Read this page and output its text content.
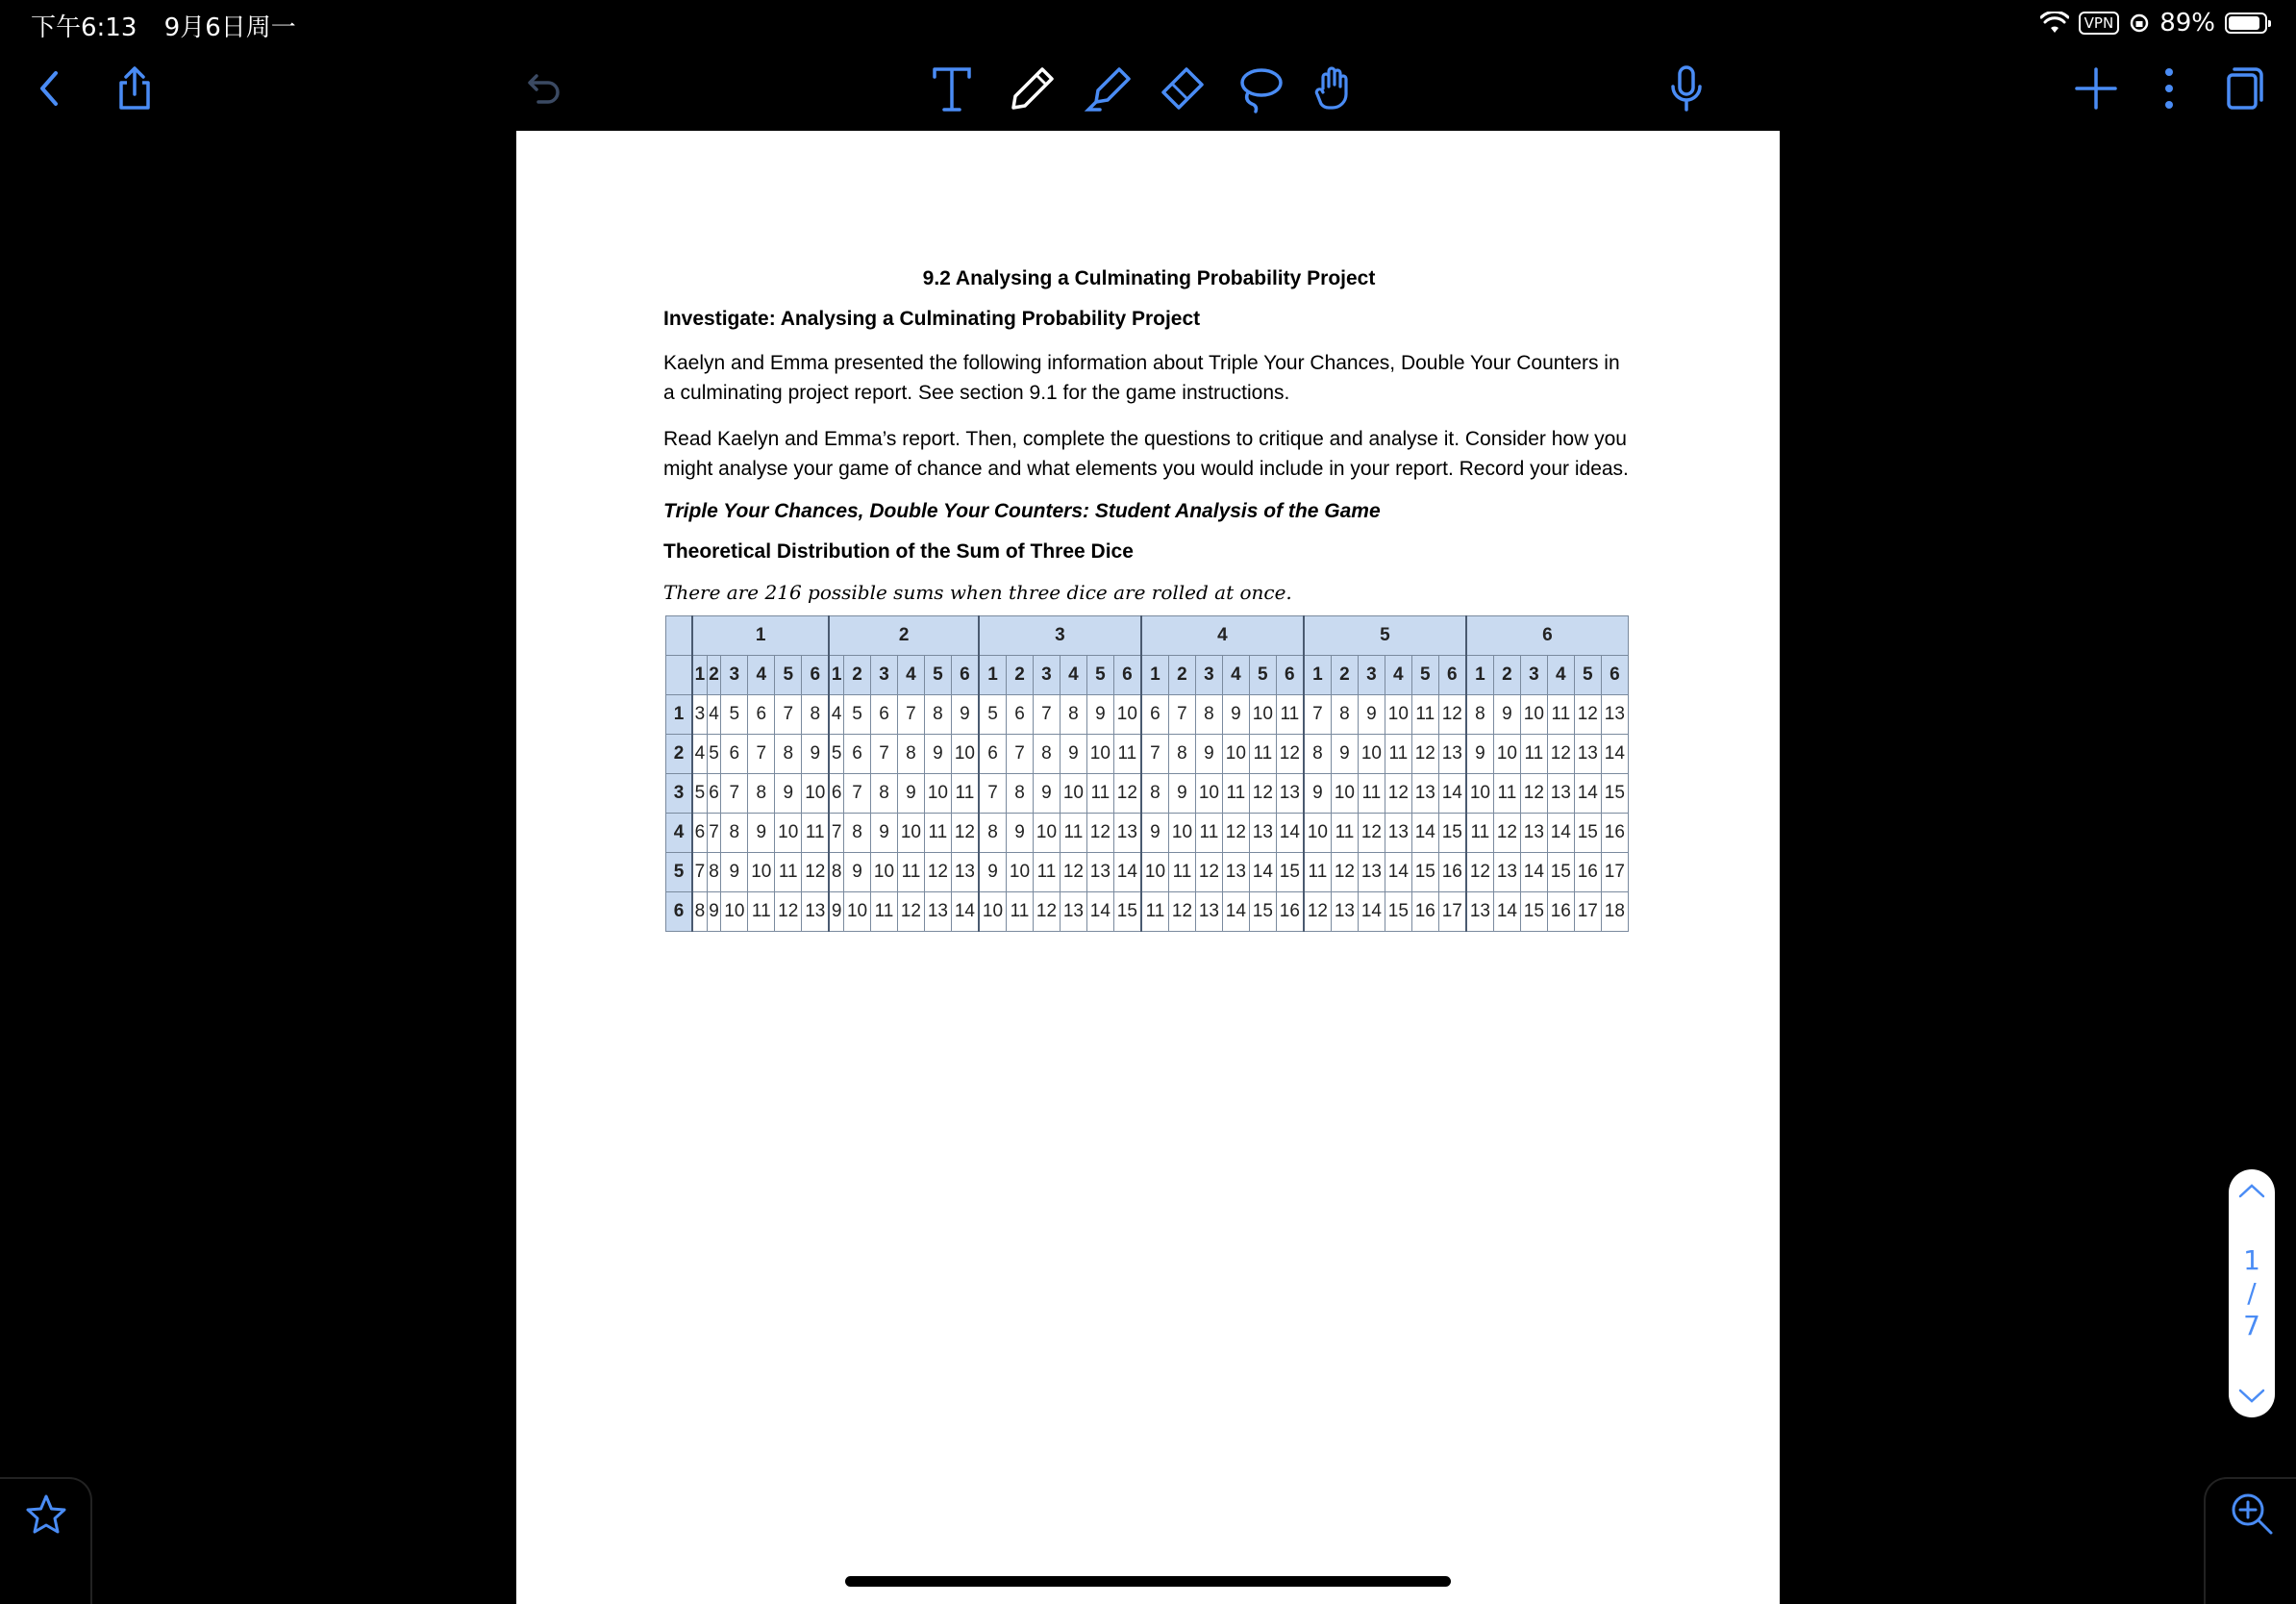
下午6:13 9月6日周一	VPN 89%

9.2 Analysing a Culminating Probability Project

Investigate: Analysing a Culminating Probability Project

Kaelyn and Emma presented the following information about Triple Your Chances, Double Your Counters in a culminating project report. See section 9.1 for the game instructions.

Read Kaelyn and Emma’s report. Then, complete the questions to critique and analyse it. Consider how you might analyse your game of chance and what elements you would include in your report. Record your ideas.

Triple Your Chances, Double Your Counters: Student Analysis of the Game

Theoretical Distribution of the Sum of Three Dice

There are 216 possible sums when three dice are rolled at once.

	1						2						3						4						5						6					
	1	2	3	4	5	6	1	2	3	4	5	6	1	2	3	4	5	6	1	2	3	4	5	6	1	2	3	4	5	6	1	2	3	4	5	6
1	3	4	5	6	7	8	4	5	6	7	8	9	5	6	7	8	9	10	6	7	8	9	10	11	7	8	9	10	11	12	8	9	10	11	12	13
2	4	5	6	7	8	9	5	6	7	8	9	10	6	7	8	9	10	11	7	8	9	10	11	12	8	9	10	11	12	13	9	10	11	12	13	14
3	5	6	7	8	9	10	6	7	8	9	10	11	7	8	9	10	11	12	8	9	10	11	12	13	9	10	11	12	13	14	10	11	12	13	14	15
4	6	7	8	9	10	11	7	8	9	10	11	12	8	9	10	11	12	13	9	10	11	12	13	14	10	11	12	13	14	15	11	12	13	14	15	16
5	7	8	9	10	11	12	8	9	10	11	12	13	9	10	11	12	13	14	10	11	12	13	14	15	11	12	13	14	15	16	12	13	14	15	16	17
6	8	9	10	11	12	13	9	10	11	12	13	14	10	11	12	13	14	15	11	12	13	14	15	16	12	13	14	15	16	17	13	14	15	16	17	18
1
/
7
